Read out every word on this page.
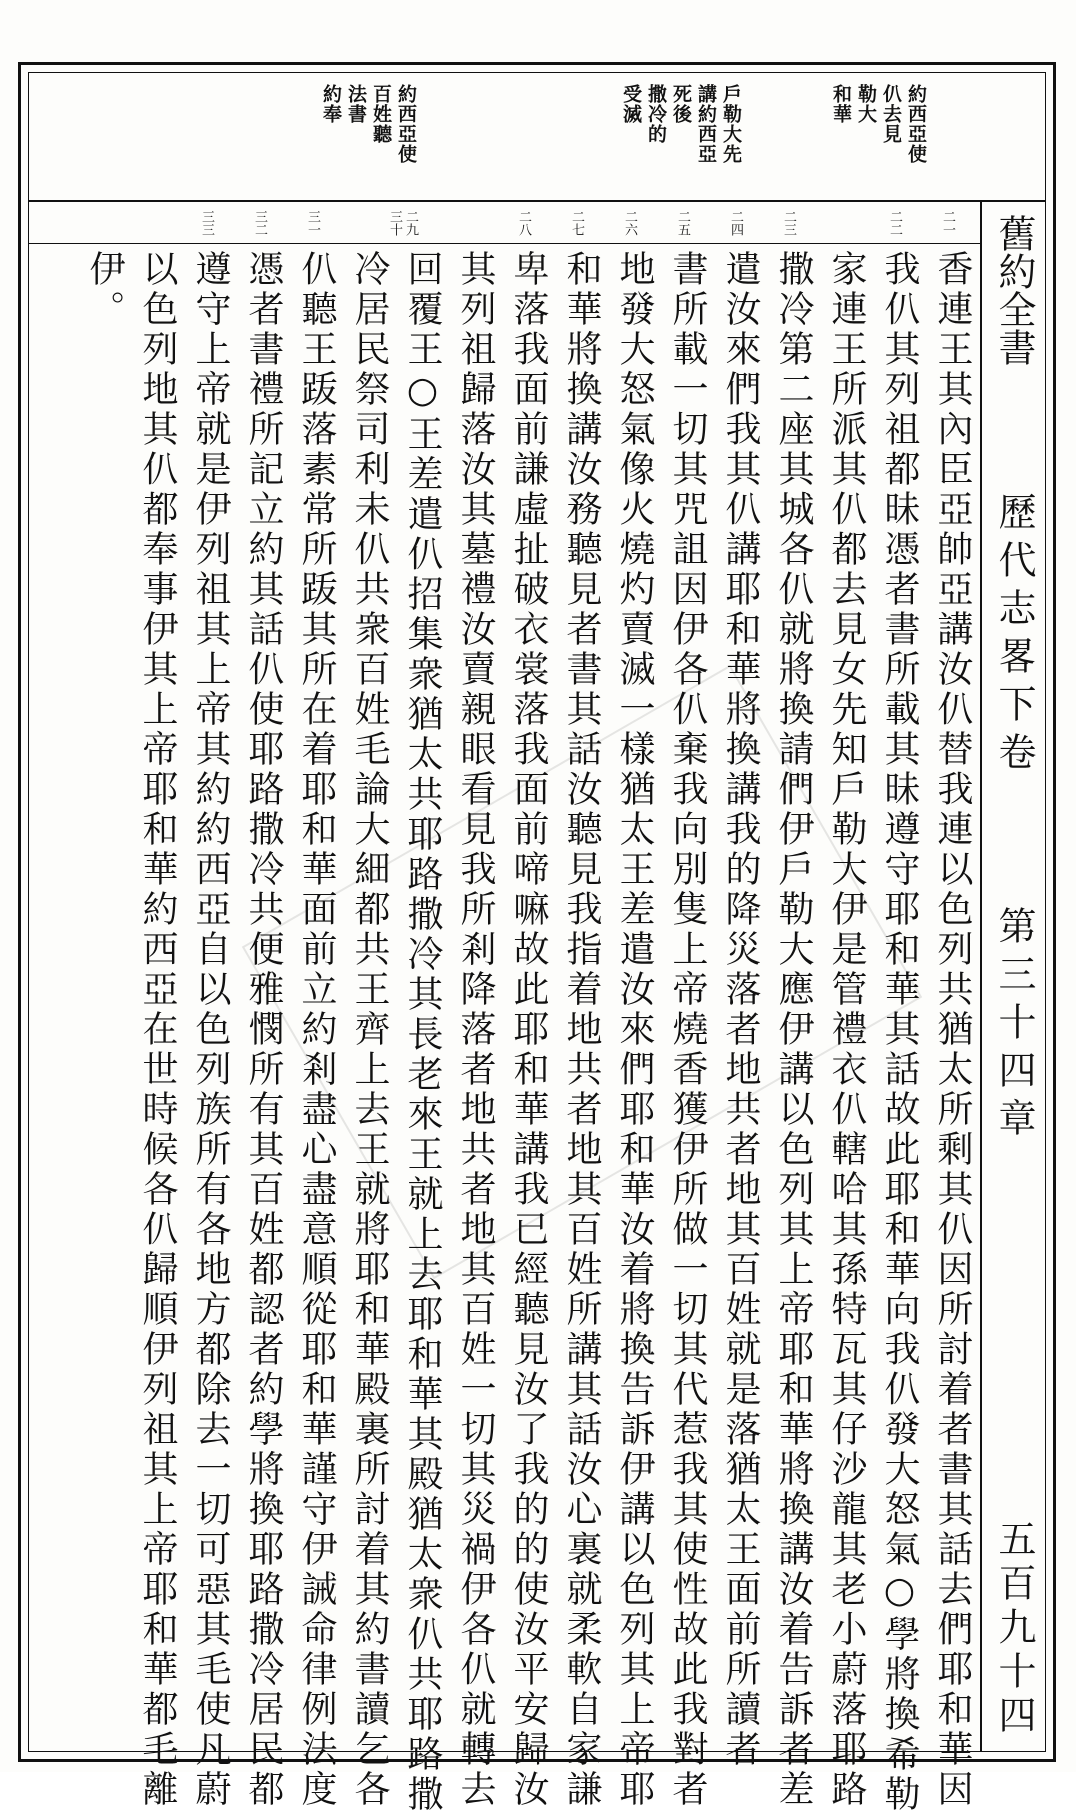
舊約全書 　 歷代志畧下卷 　 第三十四章
五百九十四
約西亞使
仈去見
勒大
和華
戶勒大先
講約西亞
死後
撒冷的
受滅
約西亞使
百姓聽
法書
約奉
二一
二二
二三
二四
二五
二六
二七
二八
二九
三十
三一
三二
三三
香連王其內臣亞帥亞講汝仈替我連以色列共猶太所剩其仈因所討着者書其話去們耶和華因
我仈其列祖都昧憑者書所載其昧遵守耶和華其話故此耶和華向我仈發大怒氣○學將換希勒
家連王所派其仈都去見女先知戶勒大伊是管禮衣仈轄哈其孫特瓦其仔沙龍其老小蔚落耶路
撒冷第二座其城各仈就將換請們伊戶勒大應伊講以色列其上帝耶和華將換講汝着告訴者差
遣汝來們我其仈講耶和華將換講我的降災落者地共者地其百姓就是落猶太王面前所讀者
書所載一切其咒詛因伊各仈棄我向別隻上帝燒香獲伊所做一切其代惹我其使性故此我對者
地發大怒氣像火燒灼賣滅一樣猶太王差遣汝來們耶和華汝着將換告訴伊講以色列其上帝耶
和華將換講汝務聽見者書其話汝聽見我指着地共者地其百姓所講其話汝心裏就柔軟自家謙
卑落我面前謙虛扯破衣裳落我面前啼嘛故此耶和華講我已經聽見汝了我的的使汝平安歸汝
其列祖歸落汝其墓禮汝賣親眼看見我所剎降落者地共者地其百姓一切其災禍伊各仈就轉去
回覆王○王差遣仈招集衆猶太共耶路撒冷其長老來王就上去耶和華其殿猶太衆仈共耶路撒
冷居民祭司利未仈共衆百姓毛論大細都共王齊上去王就將耶和華殿裏所討着其約書讀乞各
仈聽王䟦落素常所䟦其所在着耶和華面前立約剎盡心盡意順從耶和華謹守伊誡命律例法度
憑者書禮所記立約其話仈使耶路撒冷共便雅憫所有其百姓都認者約學將換耶路撒冷居民都
遵守上帝就是伊列祖其上帝其約約西亞自以色列族所有各地方都除去一切可惡其毛使凡蔚
以色列地其仈都奉事伊其上帝耶和華約西亞在世時候各仈歸順伊列祖其上帝耶和華都毛離
伊。
